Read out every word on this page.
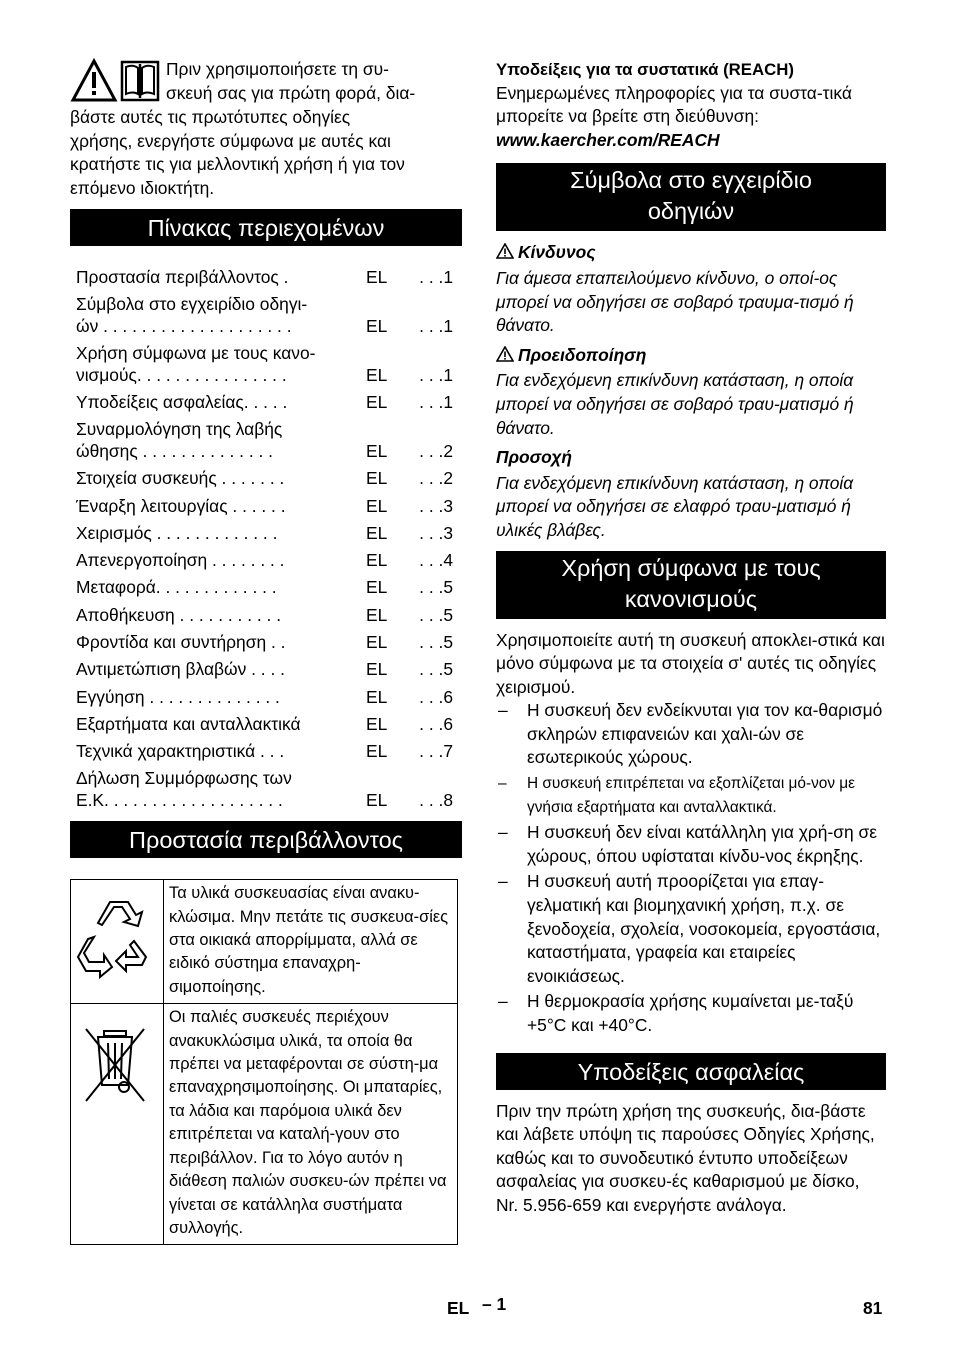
Πριν χρησιμοποιήσετε τη συ-

σκευή σας για πρώτη φορά, δια-

βάστε αυτές τις πρωτότυπες οδηγίες

χρήσης, ενεργήστε σύμφωνα με αυτές και

κρατήστε τις για μελλοντική χρήση ή για τον

επόμενο ιδιοκτήτη.

Πίνακας περιεχομένων
Προστασία περιβάλλοντος .	EL	. . .1

Σύμβολα στο εγχειρίδιο οδηγι-
ών . . . . . . . . . . . . . . . . . . . .	EL	. . .1

Χρήση σύμφωνα με τους κανο-
νισμούς. . . . . . . . . . . . . . . .	EL	. . .1
Υποδείξεις ασφαλείας. . . . .	EL	. . .1

Συναρμολόγηση της λαβής
ώθησης . . . . . . . . . . . . . .	EL	. . .2
Στοιχεία συσκευής . . . . . . .	EL	. . .2
Έναρξη λειτουργίας . . . . . .	EL	. . .3
Χειρισμός . . . . . . . . . . . . .	EL	. . .3
Απενεργοποίηση . . . . . . . .	EL	. . .4
Μεταφορά. . . . . . . . . . . . .	EL	. . .5
Αποθήκευση . . . . . . . . . . .	EL	. . .5
Φροντίδα και συντήρηση . .	EL	. . .5
Αντιμετώπιση βλαβών . . . .	EL	. . .5
Εγγύηση . . . . . . . . . . . . . .	EL	. . .6
Εξαρτήματα και ανταλλακτικά	EL	. . .6
Τεχνικά χαρακτηριστικά . . .	EL	. . .7

Δήλωση Συμμόρφωσης των
Ε.Κ. . . . . . . . . . . . . . . . . . .	EL	. . .8
Προστασία περιβάλλοντος
	Τα υλικά συσκευασίας είναι ανακυ-κλώσιμα. Μην πετάτε τις συσκευα-σίες στα οικιακά απορρίμματα, αλλά σε ειδικό σύστημα επαναχρη-σιμοποίησης.

	Οι παλιές συσκευές περιέχουν ανακυκλώσιμα υλικά, τα οποία θα πρέπει να μεταφέρονται σε σύστη-μα επαναχρησιμοποίησης. Οι μπαταρίες, τα λάδια και παρόμοια υλικά δεν επιτρέπεται να καταλή-γουν στο περιβάλλον. Για το λόγο αυτόν η διάθεση παλιών συσκευ-ών πρέπει να γίνεται σε κατάλληλα συστήματα συλλογής.

Υποδείξεις για τα συστατικά (REACH)

Ενημερωμένες πληροφορίες για τα συστα-τικά μπορείτε να βρείτε στη διεύθυνση:

www.kaercher.com/REACH

Σύμβολα στο εγχειρίδιο οδηγιών

Κίνδυνος

Για άμεσα επαπειλούμενο κίνδυνο, ο οποί-ος μπορεί να οδηγήσει σε σοβαρό τραυμα-τισμό ή θάνατο.

Προειδοποίηση

Για ενδεχόμενη επικίνδυνη κατάσταση, η οποία μπορεί να οδηγήσει σε σοβαρό τραυ-ματισμό ή θάνατο.

Προσοχή

Για ενδεχόμενη επικίνδυνη κατάσταση, η οποία μπορεί να οδηγήσει σε ελαφρό τραυ-ματισμό ή υλικές βλάβες.

Χρήση σύμφωνα με τους κανονισμούς

Χρησιμοποιείτε αυτή τη συσκευή αποκλει-στικά και μόνο σύμφωνα με τα στοιχεία σ' αυτές τις οδηγίες χειρισμού.

– Η συσκευή δεν ενδείκνυται για τον κα-θαρισμό σκληρών επιφανειών και χαλι-ών σε εσωτερικούς χώρους.
– Η συσκευή επιτρέπεται να εξοπλίζεται μό-νον με γνήσια εξαρτήματα και ανταλλακτικά.
– Η συσκευή δεν είναι κατάλληλη για χρή-ση σε χώρους, όπου υφίσταται κίνδυ-νος έκρηξης.
– Η συσκευή αυτή προορίζεται για επαγ-γελματική και βιομηχανική χρήση, π.χ. σε ξενοδοχεία, σχολεία, νοσοκομεία, εργοστάσια, καταστήματα, γραφεία και εταιρείες ενοικιάσεως.
– Η θερμοκρασία χρήσης κυμαίνεται με-ταξύ +5°C και +40°C.
Υποδείξεις ασφαλείας

Πριν την πρώτη χρήση της συσκευής, δια-βάστε και λάβετε υπόψη τις παρούσες Οδηγίες Χρήσης, καθώς και το συνοδευτικό έντυπο υποδείξεων ασφαλείας για συσκευ-ές καθαρισμού με δίσκο, Nr. 5.956-659 και ενεργήστε ανάλογα.

EL – 1	81
